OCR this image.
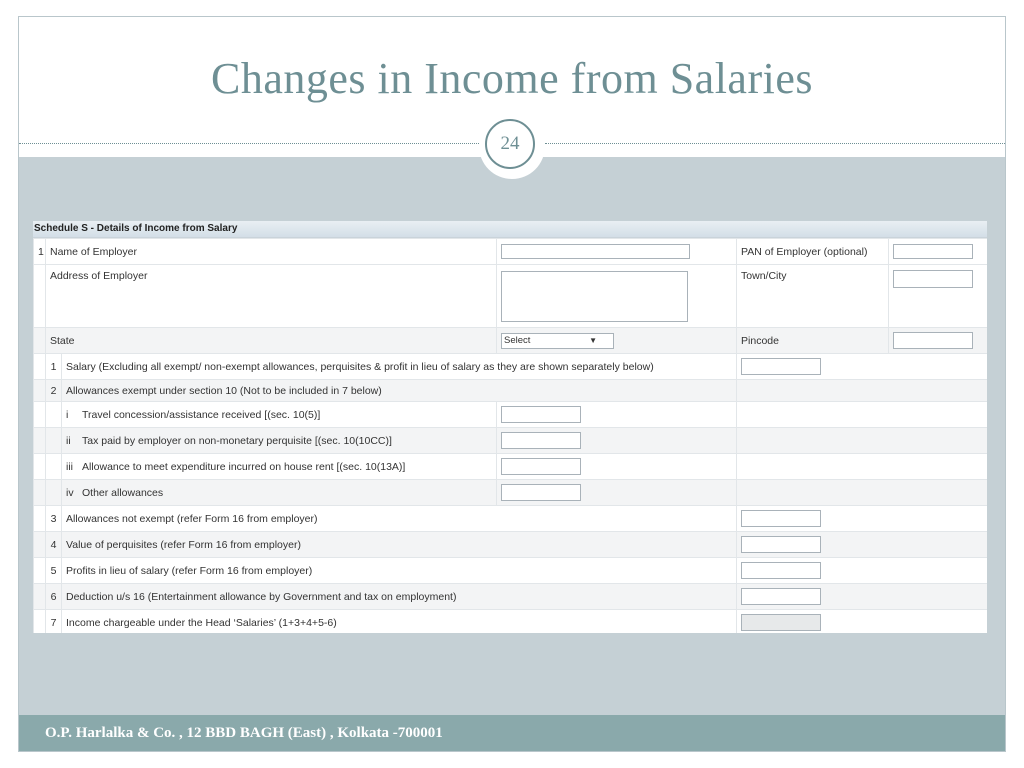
Changes in Income from Salaries
24
Schedule S - Details of Income from Salary
1	Name of Employer			PAN of Employer (optional)	
	Address of Employer			Town/City	
	State		Select ▼	Pincode	
	1	Salary (Excluding all exempt/ non-exempt allowances, perquisites & profit in lieu of salary as they are shown separately below)			
	2	Allowances exempt under section 10 (Not to be included in 7 below)			
		i Travel concession/assistance received [(sec. 10(5)]			
		ii Tax paid by employer on non-monetary perquisite [(sec. 10(10CC)]			
		iii Allowance to meet expenditure incurred on house rent [(sec. 10(13A)]			
		iv Other allowances			
	3	Allowances not exempt (refer Form 16 from employer)			
	4	Value of perquisites (refer Form 16 from employer)			
	5	Profits in lieu of salary (refer Form 16 from employer)			
	6	Deduction u/s 16 (Entertainment allowance by Government and tax on employment)			
	7	Income chargeable under the Head ‘Salaries’ (1+3+4+5-6)			
O.P. Harlalka & Co. , 12 BBD BAGH (East) , Kolkata -700001
